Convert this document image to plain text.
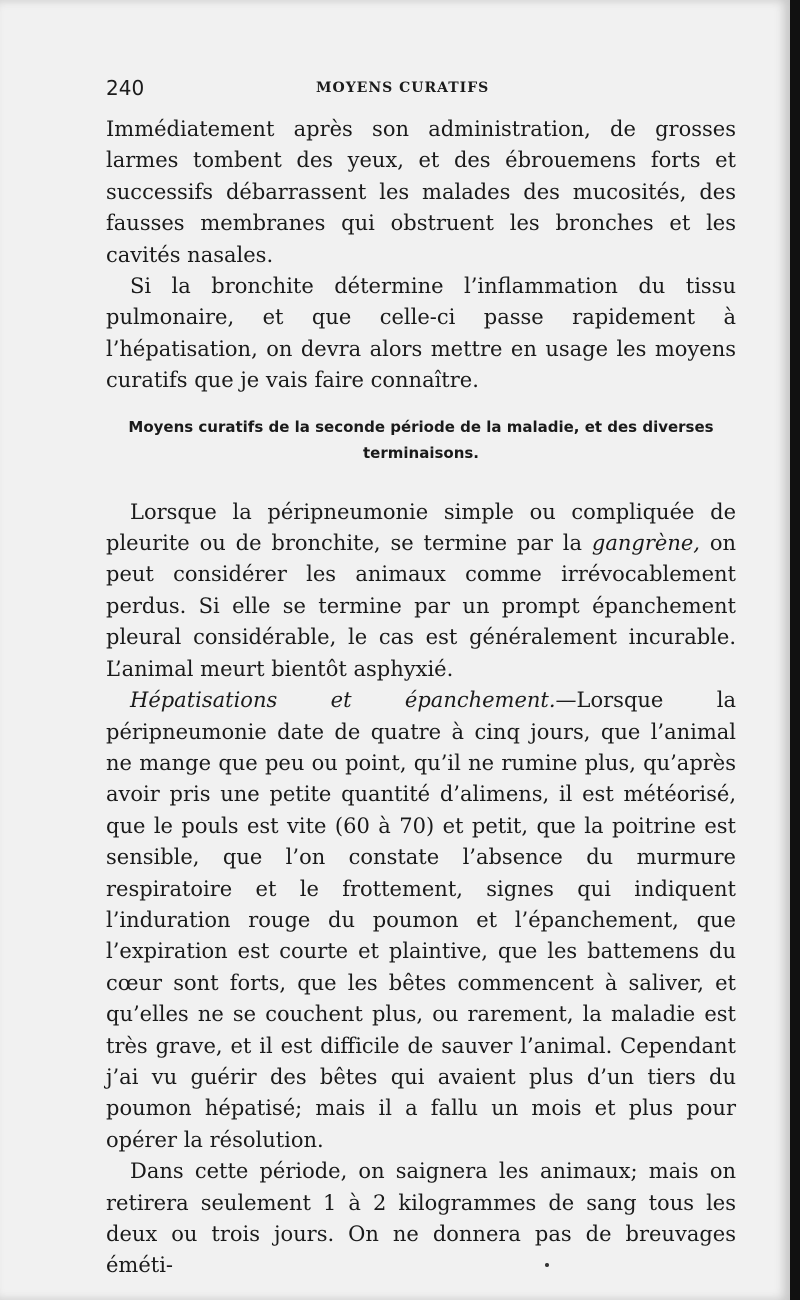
240	MOYENS CURATIFS

Immédiatement après son administration, de grosses larmes tombent des yeux, et des ébrouemens forts et successifs débarrassent les malades des mucosités, des fausses membranes qui obstruent les bronches et les cavités nasales.

Si la bronchite détermine l’inflammation du tissu pulmonaire, et que celle-ci passe rapidement à l’hépatisation, on devra alors mettre en usage les moyens curatifs que je vais faire connaître.

Moyens curatifs de la seconde période de la maladie, et des diverses terminaisons.

Lorsque la péripneumonie simple ou compliquée de pleurite ou de bronchite, se termine par la gangrène, on peut considérer les animaux comme irrévocablement perdus. Si elle se termine par un prompt épanchement pleural considérable, le cas est généralement incurable. L’animal meurt bientôt asphyxié.

Hépatisations et épanchement.—Lorsque la péripneumonie date de quatre à cinq jours, que l’animal ne mange que peu ou point, qu’il ne rumine plus, qu’après avoir pris une petite quantité d’alimens, il est météorisé, que le pouls est vite (60 à 70) et petit, que la poitrine est sensible, que l’on constate l’absence du murmure respiratoire et le frottement, signes qui indiquent l’induration rouge du poumon et l’épanchement, que l’expiration est courte et plaintive, que les battemens du cœur sont forts, que les bêtes commencent à saliver, et qu’elles ne se couchent plus, ou rarement, la maladie est très grave, et il est difficile de sauver l’animal. Cependant j’ai vu guérir des bêtes qui avaient plus d’un tiers du poumon hépatisé; mais il a fallu un mois et plus pour opérer la résolution.

Dans cette période, on saignera les animaux; mais on retirera seulement 1 à 2 kilogrammes de sang tous les deux ou trois jours. On ne donnera pas de breuvages éméti-
